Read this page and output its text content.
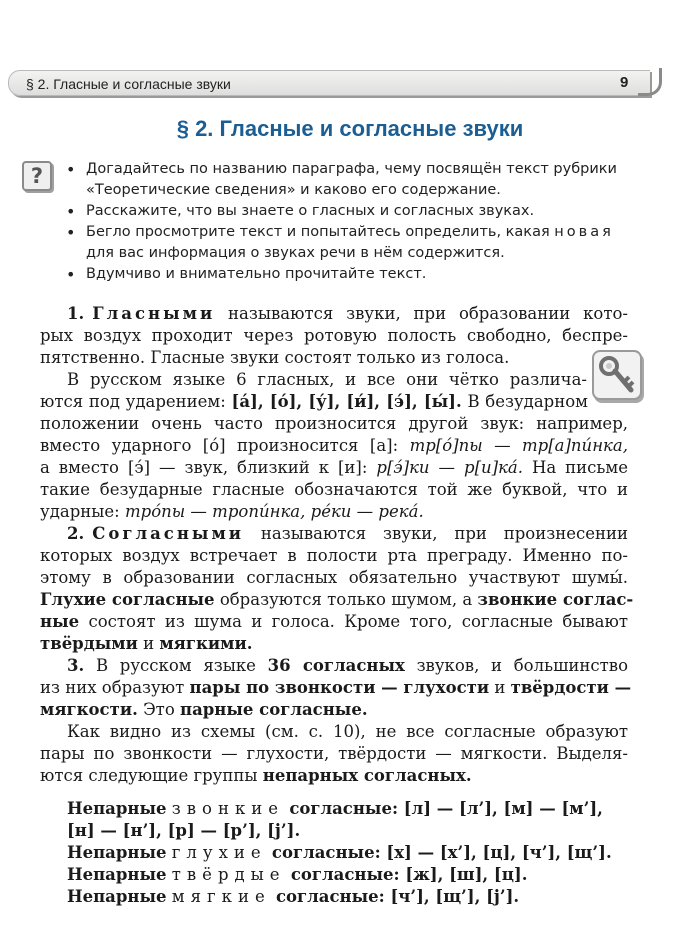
§ 2. Гласные и согласные звуки	9
§ 2. Гласные и согласные звуки
?
•	Догадайтесь по названию параграфа, чему посвящён текст рубрики
«Теоретические сведения» и каково его содержание.
• Расскажите, что вы знаете о гласных и согласных звуках.
• Бегло просмотрите текст и попытайтесь определить, какая новая
для вас информация о звуках речи в нём содержится.
• Вдумчиво и внимательно прочитайте текст.
1. Гласными называются звуки, при образовании кото-
рых воздух проходит через ротовую полость свободно, беспре-
пятственно. Гласные звуки состоят только из голоса.
В русском языке 6 гласных, и все они чётко различа-
ются под ударением: [а́], [о́], [у́], [и́], [э́], [ы́]. В безударном
положении очень часто произносится другой звук: например,
вместо ударного [о́] произносится [а]: тр[о́]пы — тр[а]пи́нка,
а вместо [э́] — звук, близкий к [и]: р[э́]ки — р[и]ка́. На письме
такие безударные гласные обозначаются той же буквой, что и
ударные: тро́пы — тропи́нка, ре́ки — река́.
2. Согласными называются звуки, при произнесении
которых воздух встречает в полости рта преграду. Именно по-
этому в образовании согласных обязательно участвуют шумы́.
Глухие согласные образуются только шумом, а звонкие соглас-
ные состоят из шума и голоса. Кроме того, согласные бывают
твёрдыми и мягкими.
3. В русском языке 36 согласных звуков, и большинство
из них образуют пары по звонкости — глухости и твёрдости —
мягкости. Это парные согласные.
Как видно из схемы (см. с. 10), не все согласные образуют
пары по звонкости — глухости, твёрдости — мягкости. Выделя-
ются следующие группы непарных согласных.
Непарные звонкие согласные: [л] — [л’], [м] — [м’],
[н] — [н’], [р] — [р’], [j’].
Непарные глухие согласные: [х] — [х’], [ц], [ч’], [щ’].
Непарные твёрдые согласные: [ж], [ш], [ц].
Непарные мягкие согласные: [ч’], [щ’], [j’].
